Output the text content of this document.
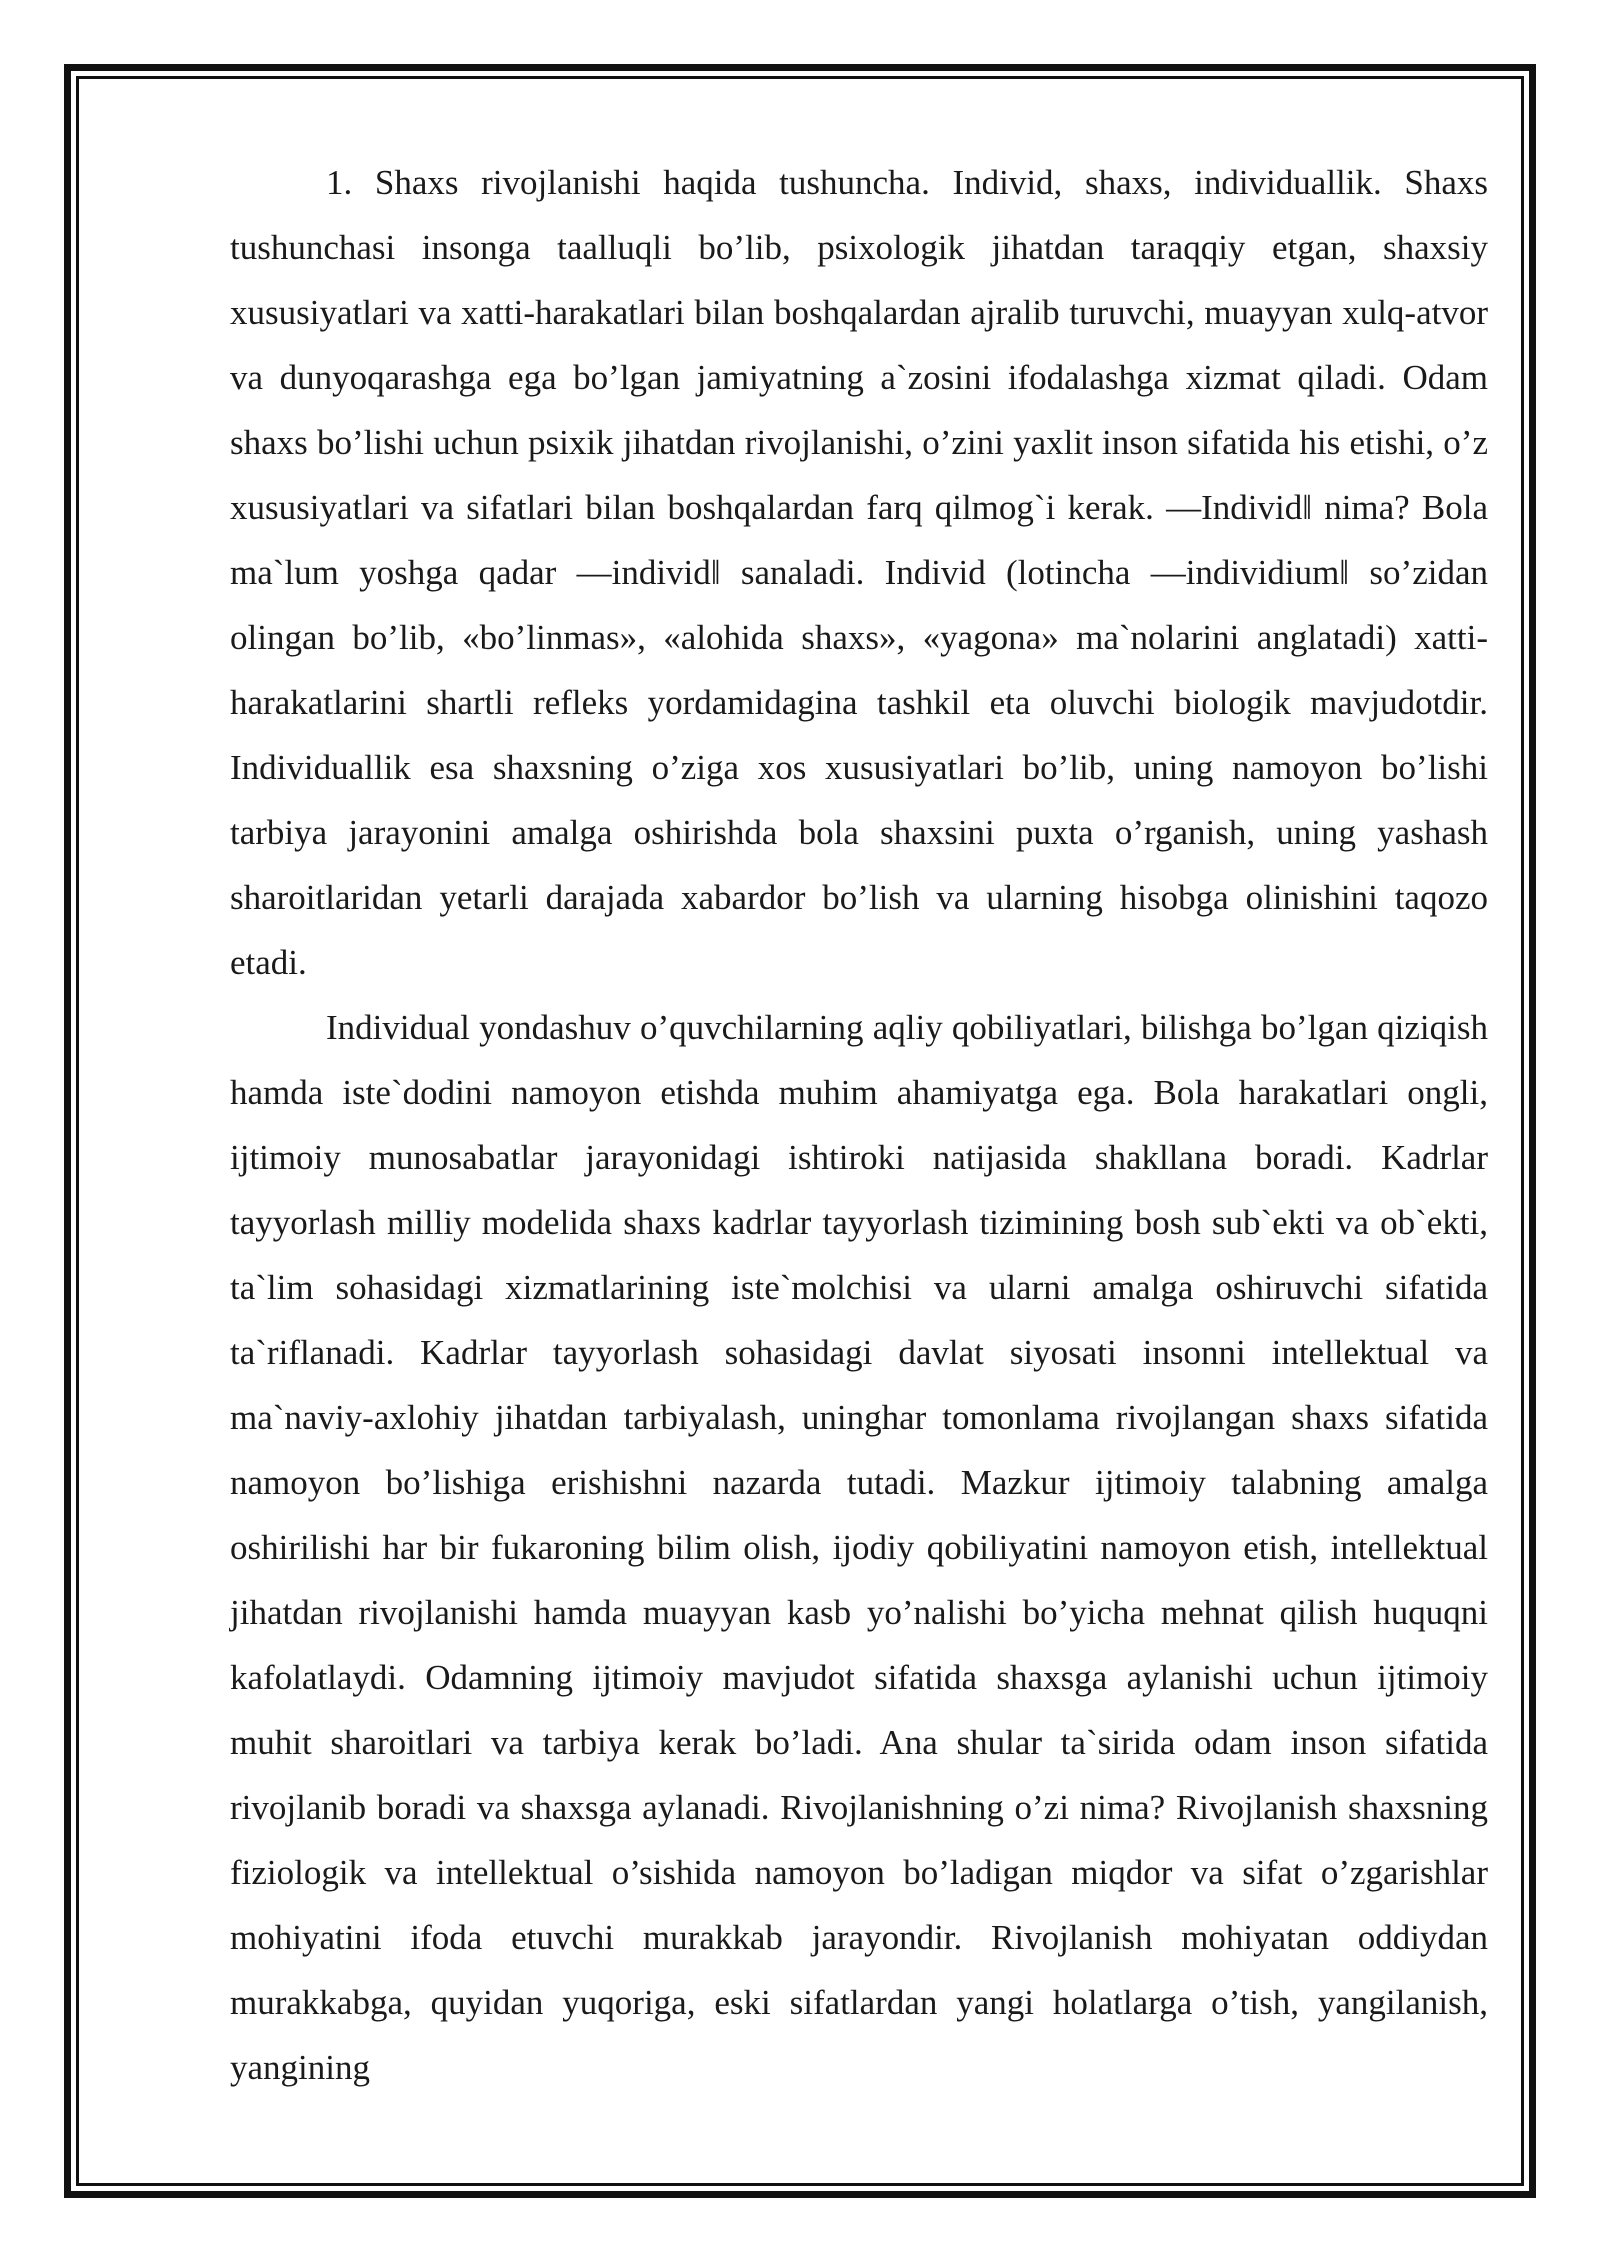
1. Shaxs rivojlanishi haqida tushuncha. Individ, shaxs, individuallik. Shaxs tushunchasi insonga taalluqli bo’lib, psixologik jihatdan taraqqiy etgan, shaxsiy xususiyatlari va xatti-harakatlari bilan boshqalardan ajralib turuvchi, muayyan xulq-atvor va dunyoqarashga ega bo’lgan jamiyatning a`zosini ifodalashga xizmat qiladi. Odam shaxs bo’lishi uchun psixik jihatdan rivojlanishi, o’zini yaxlit inson sifatida his etishi, o’z xususiyatlari va sifatlari bilan boshqalardan farq qilmog`i kerak. ―Individ‖ nima? Bola ma`lum yoshga qadar ―individ‖ sanaladi. Individ (lotincha ―individium‖ so’zidan olingan bo’lib, «bo’linmas», «alohida shaxs», «yagona» ma`nolarini anglatadi) xatti-harakatlarini shartli refleks yordamidagina tashkil eta oluvchi biologik mavjudotdir. Individuallik esa shaxsning o’ziga xos xususiyatlari bo’lib, uning namoyon bo’lishi tarbiya jarayonini amalga oshirishda bola shaxsini puxta o’rganish, uning yashash sharoitlaridan yetarli darajada xabardor bo’lish va ularning hisobga olinishini taqozo etadi.

Individual yondashuv o’quvchilarning aqliy qobiliyatlari, bilishga bo’lgan qiziqish hamda iste`dodini namoyon etishda muhim ahamiyatga ega. Bola harakatlari ongli, ijtimoiy munosabatlar jarayonidagi ishtiroki natijasida shakllana boradi. Kadrlar tayyorlash milliy modelida shaxs kadrlar tayyorlash tizimining bosh sub`ekti va ob`ekti, ta`lim sohasidagi xizmatlarining iste`molchisi va ularni amalga oshiruvchi sifatida ta`riflanadi. Kadrlar tayyorlash sohasidagi davlat siyosati insonni intellektual va ma`naviy-axlohiy jihatdan tarbiyalash, uninghar tomonlama rivojlangan shaxs sifatida namoyon bo’lishiga erishishni nazarda tutadi. Mazkur ijtimoiy talabning amalga oshirilishi har bir fukaroning bilim olish, ijodiy qobiliyatini namoyon etish, intellektual jihatdan rivojlanishi hamda muayyan kasb yo’nalishi bo’yicha mehnat qilish huquqni kafolatlaydi. Odamning ijtimoiy mavjudot sifatida shaxsga aylanishi uchun ijtimoiy muhit sharoitlari va tarbiya kerak bo’ladi. Ana shular ta`sirida odam inson sifatida rivojlanib boradi va shaxsga aylanadi. Rivojlanishning o’zi nima? Rivojlanish shaxsning fiziologik va intellektual o’sishida namoyon bo’ladigan miqdor va sifat o’zgarishlar mohiyatini ifoda etuvchi murakkab jarayondir. Rivojlanish mohiyatan oddiydan murakkabga, quyidan yuqoriga, eski sifatlardan yangi holatlarga o’tish, yangilanish, yangining
